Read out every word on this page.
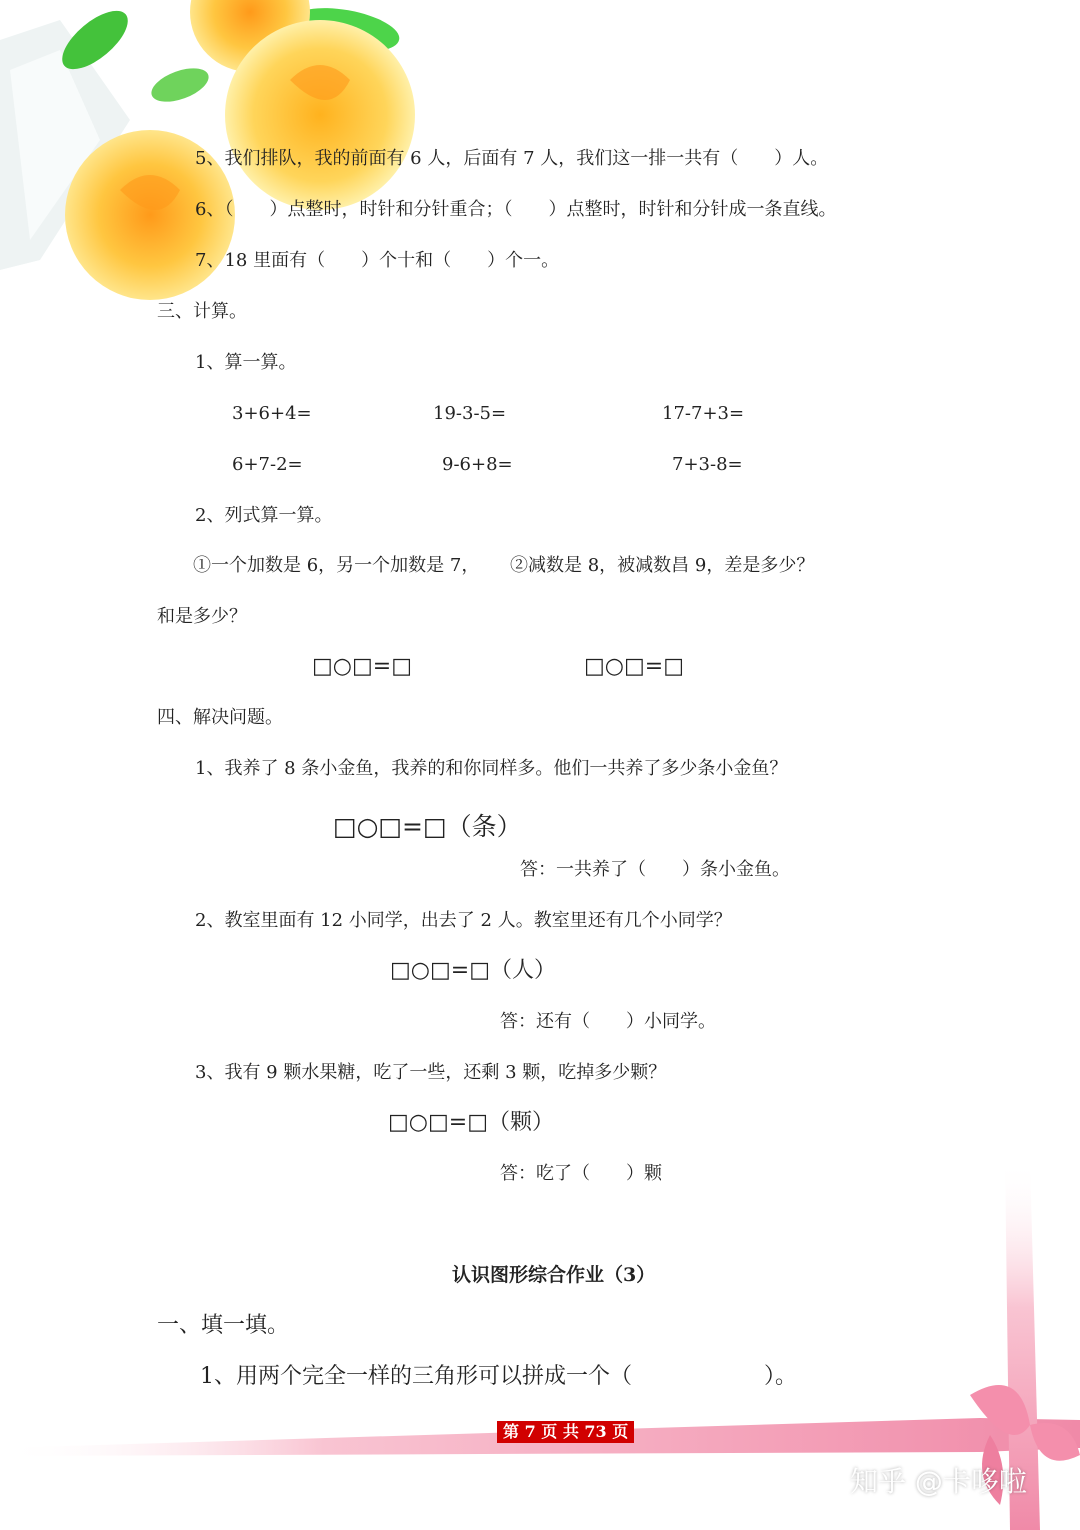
5、我们排队，我的前面有 6 人，后面有 7 人，我们这一排一共有（　　）人。
6、（　　）点整时，时针和分针重合；（　　）点整时，时针和分针成一条直线。
7、18 里面有（　　）个十和（　　）个一。
三、计算。
1、算一算。
3+6+4=	19-3-5=	17-7+3=
6+7-2=	9-6+8=	7+3-8=
2、列式算一算。
①一个加数是 6，另一个加数是 7， ②减数是 8，被减数昌 9，差是多少？
和是多少？
□○□=□	□○□=□
四、解决问题。
1、我养了 8 条小金鱼，我养的和你同样多。他们一共养了多少条小金鱼？
□○□=□（条）
答：一共养了（　　）条小金鱼。
2、教室里面有 12 小同学，出去了 2 人。教室里还有几个小同学？
□○□=□（人）
答：还有（　　）小同学。
3、我有 9 颗水果糖，吃了一些，还剩 3 颗，吃掉多少颗？
□○□=□（颗）
答：吃了（　　）颗
认识图形综合作业（3）
一、填一填。
1、用两个完全一样的三角形可以拼成一个（　　　　　　）。
第 7 页 共 73 页
知乎 @卡哆啦
